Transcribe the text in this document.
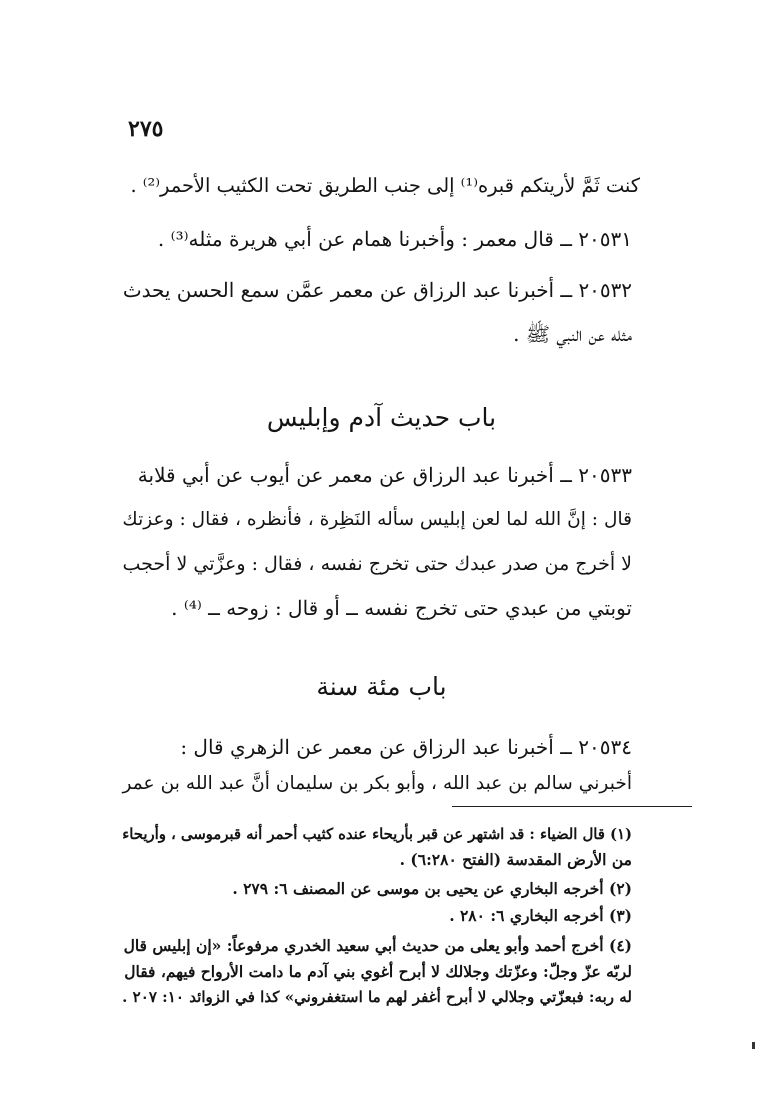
٢٧٥
كنت ثَمَّ لأريتكم قبره⁽¹⁾ إلى جنب الطريق تحت الكثيب الأحمر⁽²⁾ .
٢٠٥٣١ ــ قال معمر : وأخبرنا همام عن أبي هريرة مثله⁽³⁾ .
٢٠٥٣٢ ــ أخبرنا عبد الرزاق عن معمر عمَّن سمع الحسن يحدث
مثله عن النبي ﷺ .
باب حديث آدم وإبليس
٢٠٥٣٣ ــ أخبرنا عبد الرزاق عن معمر عن أيوب عن أبي قلابة
قال : إنَّ الله لما لعن إبليس سأله النَظِرة ، فأنظره ، فقال : وعزتك
لا أخرج من صدر عبدك حتى تخرج نفسه ، فقال : وعزَّتي لا أحجب
توبتي من عبدي حتى تخرج نفسه ــ أو قال : زوحه ــ ⁽⁴⁾ .
باب مئة سنة
٢٠٥٣٤ ــ أخبرنا عبد الرزاق عن معمر عن الزهري قال :
أخبرني سالم بن عبد الله ، وأبو بكر بن سليمان أنَّ عبد الله بن عمر
(١) قال الضياء : قد اشتهر عن قبر بأريحاء عنده كثيب أحمر أنه قبرموسى ، وأريحاء
من الأرض المقدسة (الفتح ٦:٢٨٠) .
(٢) أخرجه البخاري عن يحيى بن موسى عن المصنف ٦: ٢٧٩ .
(٣) أخرجه البخاري ٦: ٢٨٠ .
(٤) أخرج أحمد وأبو يعلى من حديث أبي سعيد الخدري مرفوعاً: «إن إبليس قال
لربّه عزّ وجلّ: وعزّتك وجلالك لا أبرح أغوي بني آدم ما دامت الأرواح فيهم، فقال
له ربه: فبعزّتي وجلالي لا أبرح أغفر لهم ما استغفروني» كذا في الزوائد ١٠: ٢٠٧ .
